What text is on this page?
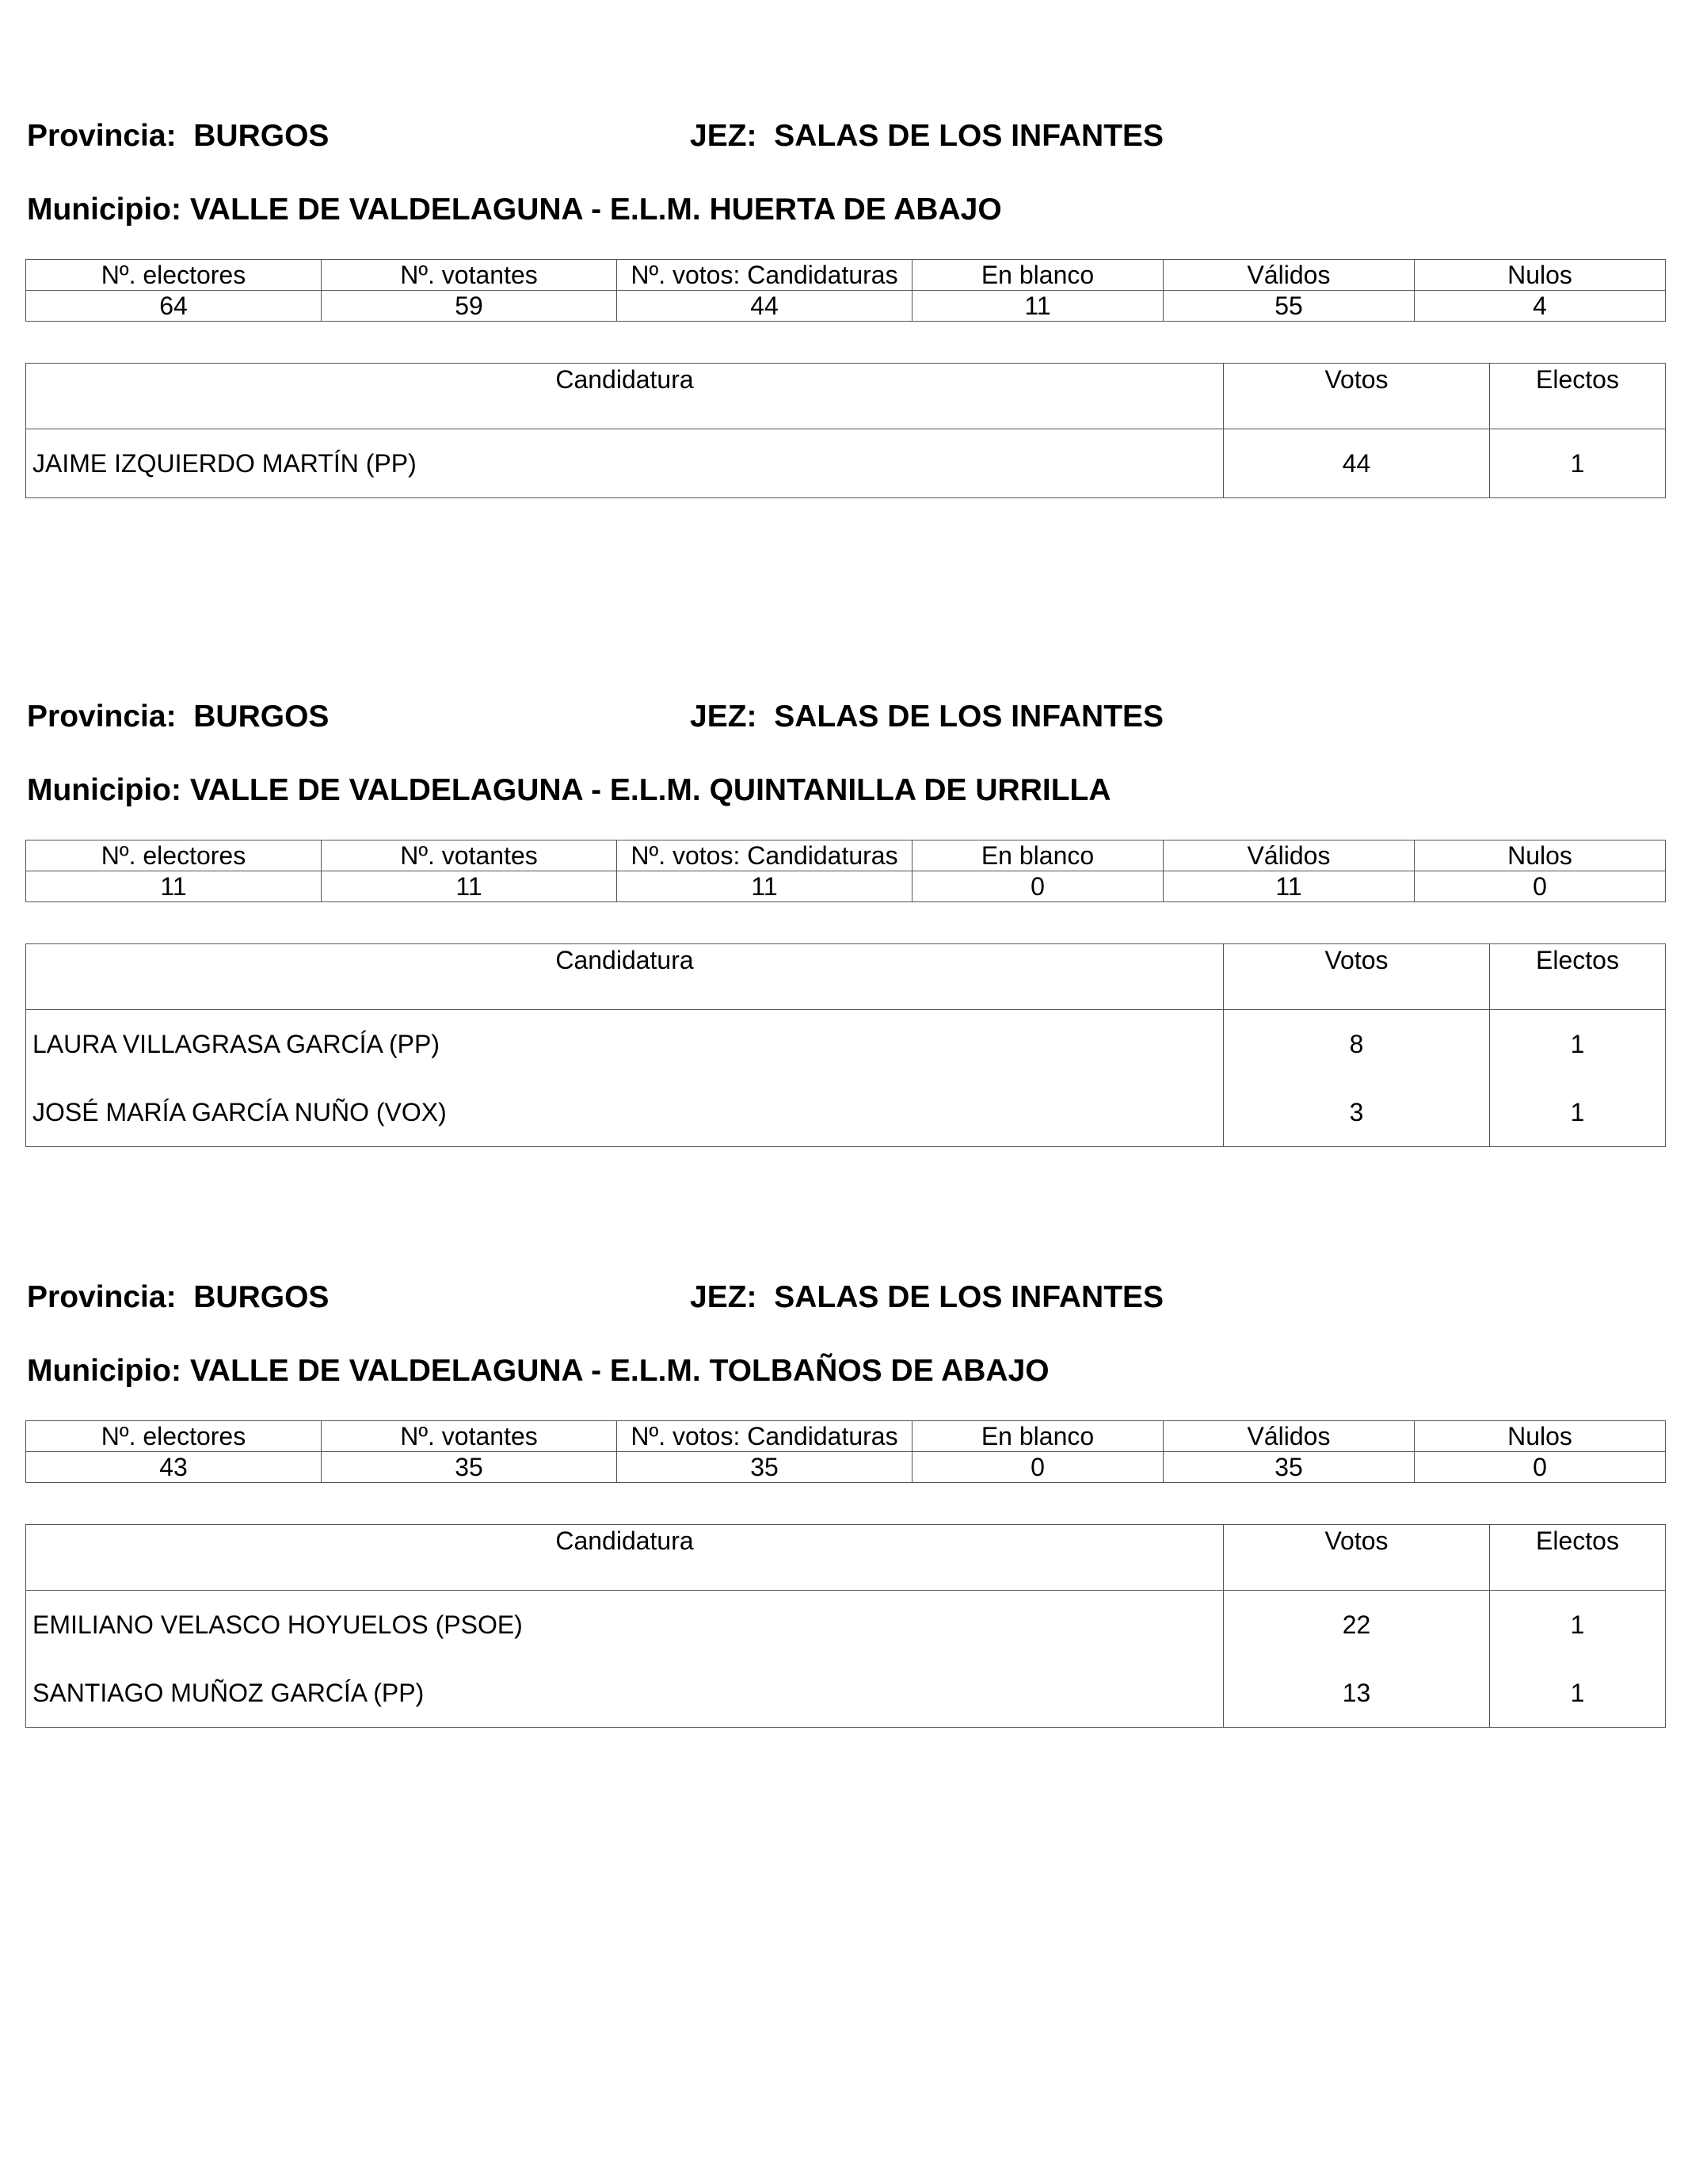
Provincia: BURGOS	JEZ: SALAS DE LOS INFANTES
Municipio: VALLE DE VALDELAGUNA - E.L.M. HUERTA DE ABAJO
Nº. electores	Nº. votantes	Nº. votos: Candidaturas	En blanco	Válidos	Nulos
64	59	44	11	55	4
Candidatura	Votos	Electos
JAIME IZQUIERDO MARTÍN (PP)	44	1
Provincia: BURGOS	JEZ: SALAS DE LOS INFANTES
Municipio: VALLE DE VALDELAGUNA - E.L.M. QUINTANILLA DE URRILLA
Nº. electores	Nº. votantes	Nº. votos: Candidaturas	En blanco	Válidos	Nulos
11	11	11	0	11	0
Candidatura	Votos	Electos
LAURA VILLAGRASA GARCÍA (PP)	8	1
JOSÉ MARÍA GARCÍA NUÑO (VOX)	3	1
Provincia: BURGOS	JEZ: SALAS DE LOS INFANTES
Municipio: VALLE DE VALDELAGUNA - E.L.M. TOLBAÑOS DE ABAJO
Nº. electores	Nº. votantes	Nº. votos: Candidaturas	En blanco	Válidos	Nulos
43	35	35	0	35	0
Candidatura	Votos	Electos
EMILIANO VELASCO HOYUELOS (PSOE)	22	1
SANTIAGO MUÑOZ GARCÍA (PP)	13	1
